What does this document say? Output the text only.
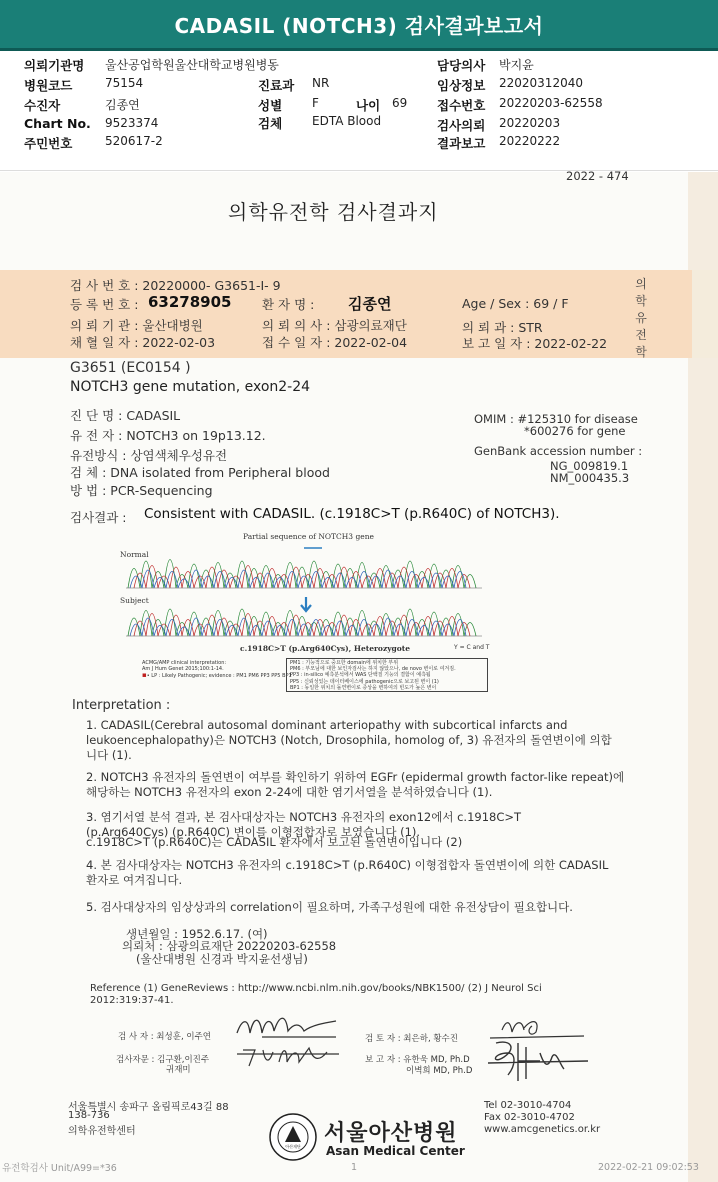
CADASIL (NOTCH3) 검사결과보고서
의뢰기관명 울산공업학원울산대학교병원병동
병원코드	75154
수진자	김종연
Chart No. 9523374
주민번호	520617-2
진료과 NR
성별 F	나이 69
검체 EDTA Blood
담당의사 박지윤
임상정보 22020312040
접수번호 20220203-62558
검사의뢰 20220203
결과보고 20220222
2022 - 474
의학유전학 검사결과지
의
학
유
전
학
검 사 번 호 : 20220000- G3651-I- 9
등 록 번 호 : 63278905 환 자 명 : 김종연	Age / Sex : 69 / F
의 뢰 기 관 : 울산대병원	의 뢰 의 사 : 삼광의료재단	의 뢰 과 : STR
채 혈 일 자 : 2022-02-03	접 수 일 자 : 2022-02-04	보 고 일 자 : 2022-02-22
G3651 (EC0154 )
NOTCH3 gene mutation, exon2-24
진 단 명 : CADASIL
유 전 자 : NOTCH3 on 19p13.12.
유전방식 : 상염색체우성유전
검 체 : DNA isolated from Peripheral blood
방 법 : PCR-Sequencing
OMIM : #125310 for disease
*600276 for gene
GenBank accession number :
NG_009819.1
NM_000435.3
검사결과 : Consistent with CADASIL. (c.1918C>T (p.R640C) of NOTCH3).
Partial sequence of NOTCH3 gene
Normal
Subject
c.1918C>T (p.Arg640Cys), Heterozygote	Y = C and T
ACMG/AMP clinical interpretation:
Am J Hum Genet 2015;100:1-14.
▪• LP : Likely Pathogenic; evidence : PM1 PM6 PP3 PP5 BP1
PM1 : 기능적으로 중요한 domain에 위치한 부위
PM6 : 부모님에 대한 보인자검사는 하지 않았으나, de novo 변이로 여겨짐.
PP3 : in-silico 예측분석에서 WAS 단백질 기능의 결함이 예측됨
PP5 : 신뢰성있는 데이터베이스에 pathogenic으로 보고된 변이 (1)
BP1 : 동일한 위치의 돌연변이로 증상을 변하여의 빈도가 높은 변이
Interpretation :
1. CADASIL(Cerebral autosomal dominant arteriopathy with subcortical infarcts and leukoencephalopathy)은 NOTCH3 (Notch, Drosophila, homolog of, 3) 유전자의 돌연변이에 의합니다 (1).
2. NOTCH3 유전자의 돌연변이 여부를 확인하기 위하여 EGFr (epidermal growth factor-like repeat)에 해당하는 NOTCH3 유전자의 exon 2-24에 대한 염기서열을 분석하였습니다 (1).
3. 염기서열 분석 결과, 본 검사대상자는 NOTCH3 유전자의 exon12에서 c.1918C>T (p.Arg640Cys) (p.R640C) 변이를 이형접합자로 보였습니다 (1).
c.1918C>T (p.R640C)는 CADASIL 환자에서 보고된 돌연변이입니다 (2)
4. 본 검사대상자는 NOTCH3 유전자의 c.1918C>T (p.R640C) 이형접합자 돌연변이에 의한 CADASIL 환자로 여겨집니다.
5. 검사대상자의 임상상과의 correlation이 필요하며, 가족구성원에 대한 유전상담이 필요합니다.
생년월일 : 1952.6.17. (여)
의뢰처 : 삼광의료재단 20220203-62558
(울산대병원 신경과 박지윤선생님)
Reference (1) GeneReviews : http://www.ncbi.nlm.nih.gov/books/NBK1500/ (2) J Neurol Sci 2012:319:37-41.
검 사 자 : 최성훈, 이주연	검 토 자 : 최은하, 황수진
검사자문 : 김구환,이진주
귀재미
보 고 자 : 유한욱 MD, Ph.D
이벽희 MD, Ph.D
서울특별시 송파구 올림픽로43길 88
138-736
의학유전학센터
Tel 02-3010-4704
Fax 02-3010-4702
www.amcgenetics.or.kr
아산재단
서울아산병원
Asan Medical Center
유전학검사 Unit/A99=*36	1	2022-02-21 09:02:53
